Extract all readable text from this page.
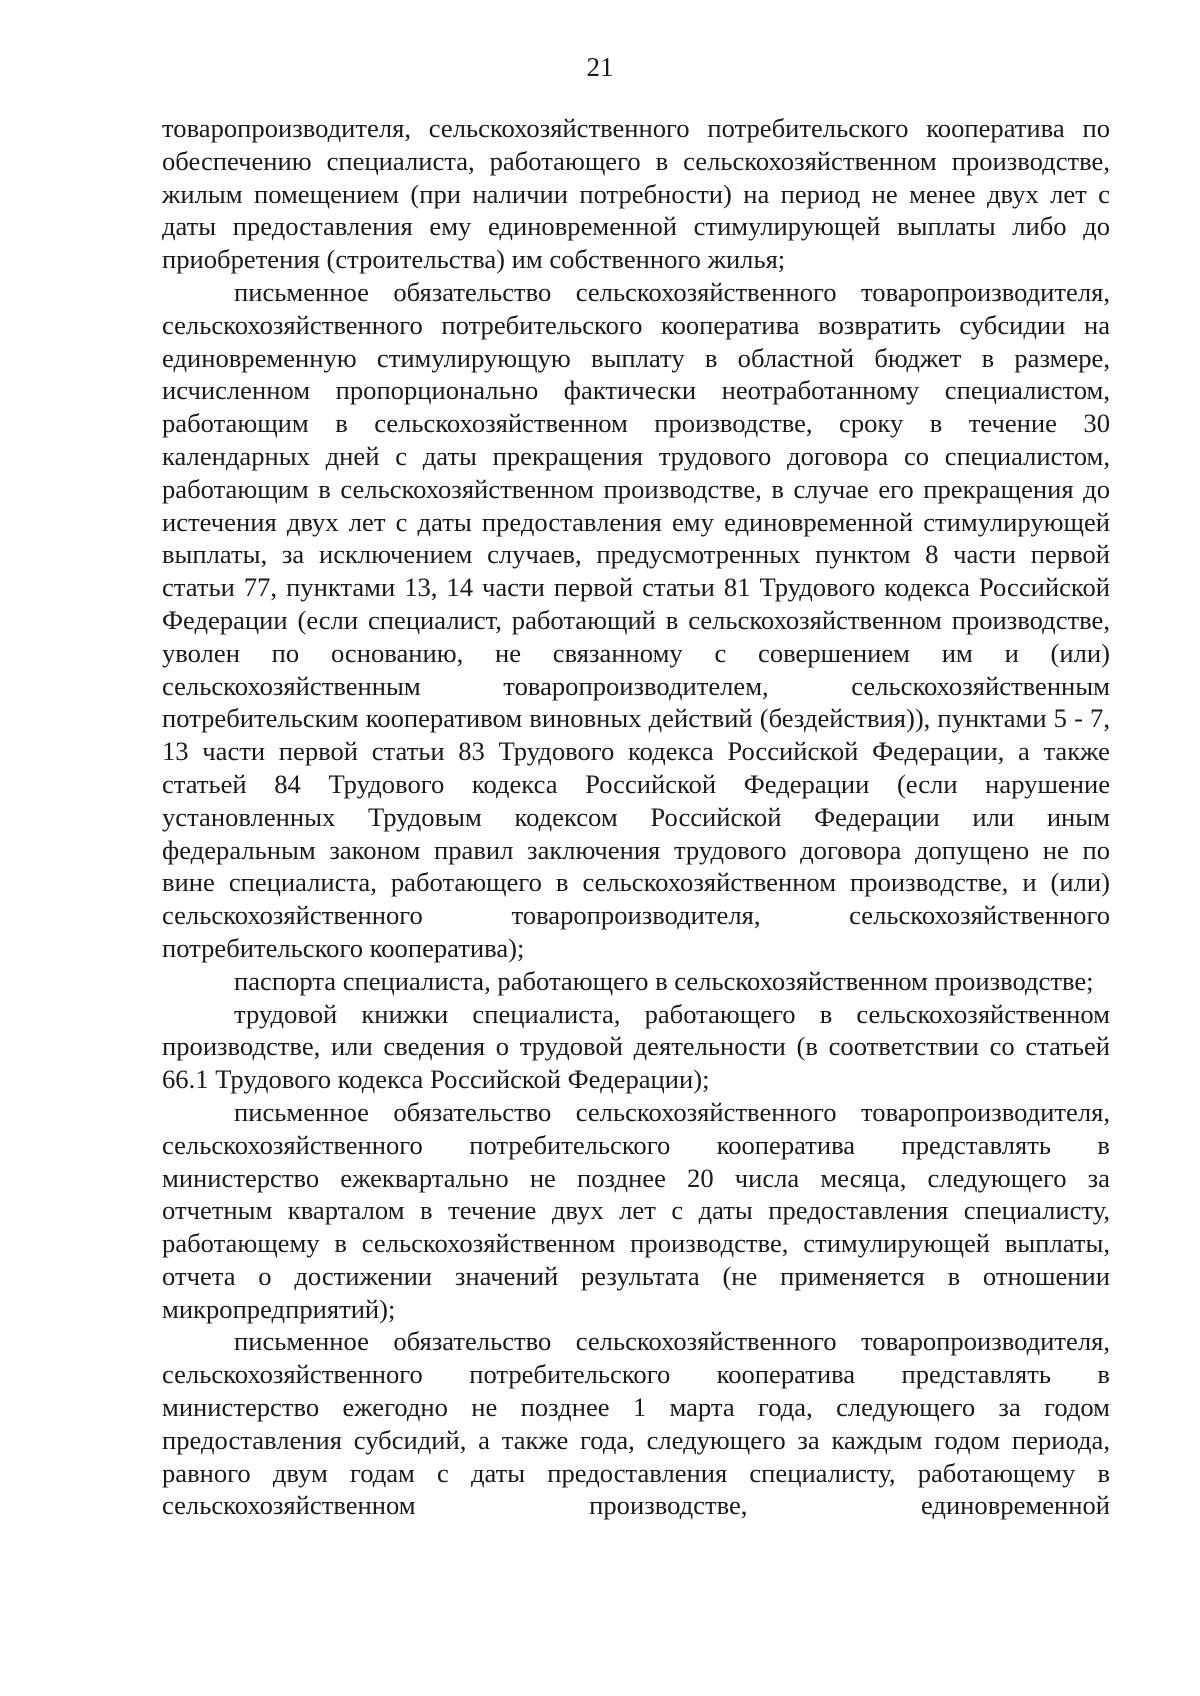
21

товаропроизводителя, сельскохозяйственного потребительского кооператива по обеспечению специалиста, работающего в сельскохозяйственном производстве, жилым помещением (при наличии потребности) на период не менее двух лет с даты предоставления ему единовременной стимулирующей выплаты либо до приобретения (строительства) им собственного жилья;

письменное обязательство сельскохозяйственного товаропроизводителя, сельскохозяйственного потребительского кооператива возвратить субсидии на единовременную стимулирующую выплату в областной бюджет в размере, исчисленном пропорционально фактически неотработанному специалистом, работающим в сельскохозяйственном производстве, сроку в течение 30 календарных дней с даты прекращения трудового договора со специалистом, работающим в сельскохозяйственном производстве, в случае его прекращения до истечения двух лет с даты предоставления ему единовременной стимулирующей выплаты, за исключением случаев, предусмотренных пунктом 8 части первой статьи 77, пунктами 13, 14 части первой статьи 81 Трудового кодекса Российской Федерации (если специалист, работающий в сельскохозяйственном производстве, уволен по основанию, не связанному с совершением им и (или) сельскохозяйственным товаропроизводителем, сельскохозяйственным потребительским кооперативом виновных действий (бездействия)), пунктами 5 - 7, 13 части первой статьи 83 Трудового кодекса Российской Федерации, а также статьей 84 Трудового кодекса Российской Федерации (если нарушение установленных Трудовым кодексом Российской Федерации или иным федеральным законом правил заключения трудового договора допущено не по вине специалиста, работающего в сельскохозяйственном производстве, и (или) сельскохозяйственного товаропроизводителя, сельскохозяйственного потребительского кооператива);

паспорта специалиста, работающего в сельскохозяйственном производстве;

трудовой книжки специалиста, работающего в сельскохозяйственном производстве, или сведения о трудовой деятельности (в соответствии со статьей 66.1 Трудового кодекса Российской Федерации);

письменное обязательство сельскохозяйственного товаропроизводителя, сельскохозяйственного потребительского кооператива представлять в министерство ежеквартально не позднее 20 числа месяца, следующего за отчетным кварталом в течение двух лет с даты предоставления специалисту, работающему в сельскохозяйственном производстве, стимулирующей выплаты, отчета о достижении значений результата (не применяется в отношении микропредприятий);

письменное обязательство сельскохозяйственного товаропроизводителя, сельскохозяйственного потребительского кооператива представлять в министерство ежегодно не позднее 1 марта года, следующего за годом предоставления субсидий, а также года, следующего за каждым годом периода, равного двум годам с даты предоставления специалисту, работающему в сельскохозяйственном производстве, единовременной
